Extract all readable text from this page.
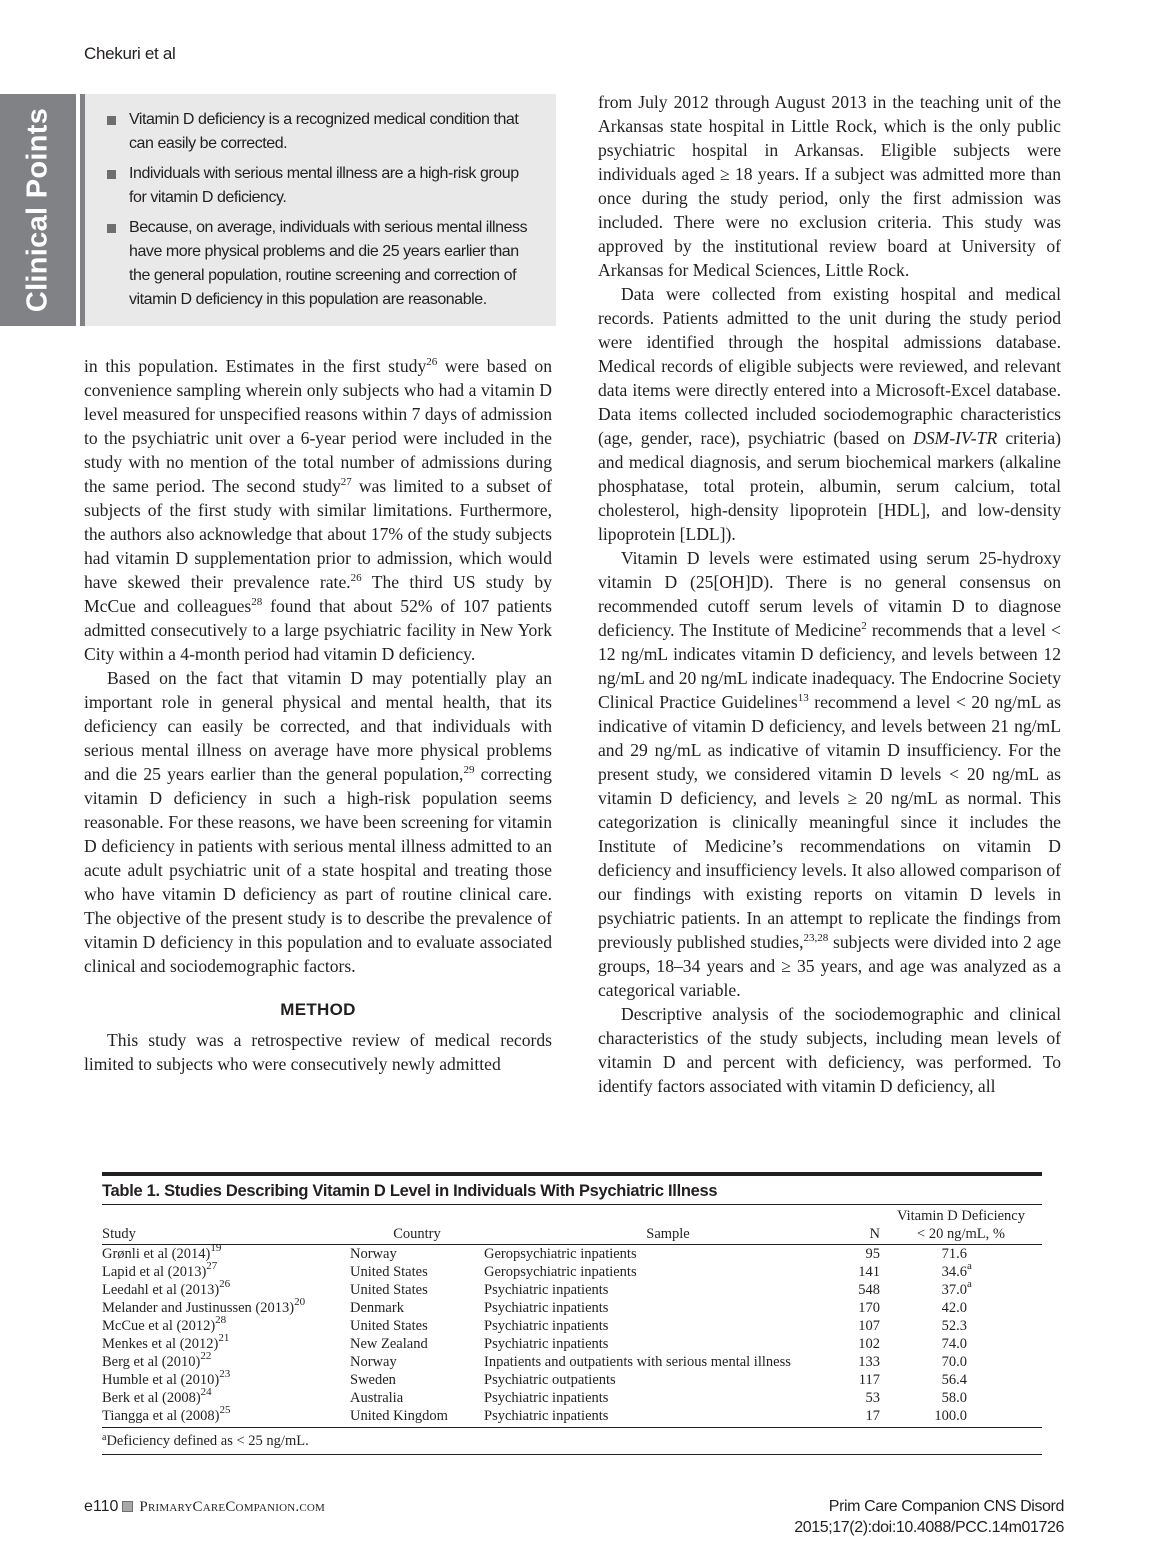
Chekuri et al
Clinical Points	Vitamin D deficiency is a recognized medical condition that can easily be corrected.
Individuals with serious mental illness are a high-risk group for vitamin D deficiency.
Because, on average, individuals with serious mental illness have more physical problems and die 25 years earlier than the general population, routine screening and correction of vitamin D deficiency in this population are reasonable.

in this population. Estimates in the first study$^{26}$ were based on convenience sampling wherein only subjects who had a vitamin D level measured for unspecified reasons within 7 days of admission to the psychiatric unit over a 6-year period were included in the study with no mention of the total number of admissions during the same period. The second study$^{27}$ was limited to a subset of subjects of the first study with similar limitations. Furthermore, the authors also acknowledge that about 17% of the study subjects had vitamin D supplementation prior to admission, which would have skewed their prevalence rate.$^{26}$ The third US study by McCue and colleagues$^{28}$ found that about 52% of 107 patients admitted consecutively to a large psychiatric facility in New York City within a 4-month period had vitamin D deficiency.

Based on the fact that vitamin D may potentially play an important role in general physical and mental health, that its deficiency can easily be corrected, and that individuals with serious mental illness on average have more physical problems and die 25 years earlier than the general population,$^{29}$ correcting vitamin D deficiency in such a high-risk population seems reasonable. For these reasons, we have been screening for vitamin D deficiency in patients with serious mental illness admitted to an acute adult psychiatric unit of a state hospital and treating those who have vitamin D deficiency as part of routine clinical care. The objective of the present study is to describe the prevalence of vitamin D deficiency in this population and to evaluate associated clinical and sociodemographic factors.

METHOD

This study was a retrospective review of medical records limited to subjects who were consecutively newly admitted

from July 2012 through August 2013 in the teaching unit of the Arkansas state hospital in Little Rock, which is the only public psychiatric hospital in Arkansas. Eligible subjects were individuals aged ≥ 18 years. If a subject was admitted more than once during the study period, only the first admission was included. There were no exclusion criteria. This study was approved by the institutional review board at University of Arkansas for Medical Sciences, Little Rock.

Data were collected from existing hospital and medical records. Patients admitted to the unit during the study period were identified through the hospital admissions database. Medical records of eligible subjects were reviewed, and relevant data items were directly entered into a Microsoft-Excel database. Data items collected included sociodemographic characteristics (age, gender, race), psychiatric (based on DSM-IV-TR criteria) and medical diagnosis, and serum biochemical markers (alkaline phosphatase, total protein, albumin, serum calcium, total cholesterol, high-density lipoprotein [HDL], and low-density lipoprotein [LDL]).

Vitamin D levels were estimated using serum 25-hydroxy vitamin D (25[OH]D). There is no general consensus on recommended cutoff serum levels of vitamin D to diagnose deficiency. The Institute of Medicine$^2$ recommends that a level < 12 ng/mL indicates vitamin D deficiency, and levels between 12 ng/mL and 20 ng/mL indicate inadequacy. The Endocrine Society Clinical Practice Guidelines$^{13}$ recommend a level < 20 ng/mL as indicative of vitamin D deficiency, and levels between 21 ng/mL and 29 ng/mL as indicative of vitamin D insufficiency. For the present study, we considered vitamin D levels < 20 ng/mL as vitamin D deficiency, and levels ≥ 20 ng/mL as normal. This categorization is clinically meaningful since it includes the Institute of Medicine’s recommendations on vitamin D deficiency and insufficiency levels. It also allowed comparison of our findings with existing reports on vitamin D levels in psychiatric patients. In an attempt to replicate the findings from previously published studies,$^{23,28}$ subjects were divided into 2 age groups, 18–34 years and ≥ 35 years, and age was analyzed as a categorical variable.

Descriptive analysis of the sociodemographic and clinical characteristics of the study subjects, including mean levels of vitamin D and percent with deficiency, was performed. To identify factors associated with vitamin D deficiency, all

Table 1. Studies Describing Vitamin D Level in Individuals With Psychiatric Illness
Study	Country	Sample	N	Vitamin D Deficiency
< 20 ng/mL, %

Grønli et al $(2014)^{19}$	Norway	Geropsychiatric inpatients	95	71.6
Lapid et al $(2013)^{27}$	United States	Geropsychiatric inpatients	141	34.6$^a$
Leedahl et al $(2013)^{26}$	United States	Psychiatric inpatients	548	37.0$^a$
Melander and Justinussen $(2013)^{20}$	Denmark	Psychiatric inpatients	170	42.0
McCue et al $(2012)^{28}$	United States	Psychiatric inpatients	107	52.3
Menkes et al $(2012)^{21}$	New Zealand	Psychiatric inpatients	102	74.0
Berg et al $(2010)^{22}$	Norway	Inpatients and outpatients with serious mental illness	133	70.0
Humble et al $(2010)^{23}$	Sweden	Psychiatric outpatients	117	56.4
Berk et al $(2008)^{24}$	Australia	Psychiatric inpatients	53	58.0
Tiangga et al $(2008)^{25}$	United Kingdom	Psychiatric inpatients	17	100.0
$^a$Deficiency defined as < 25 ng/mL.
e110 PrimaryCareCompanion.com	Prim Care Companion CNS Disord
2015;17(2):doi:10.4088/PCC.14m01726
